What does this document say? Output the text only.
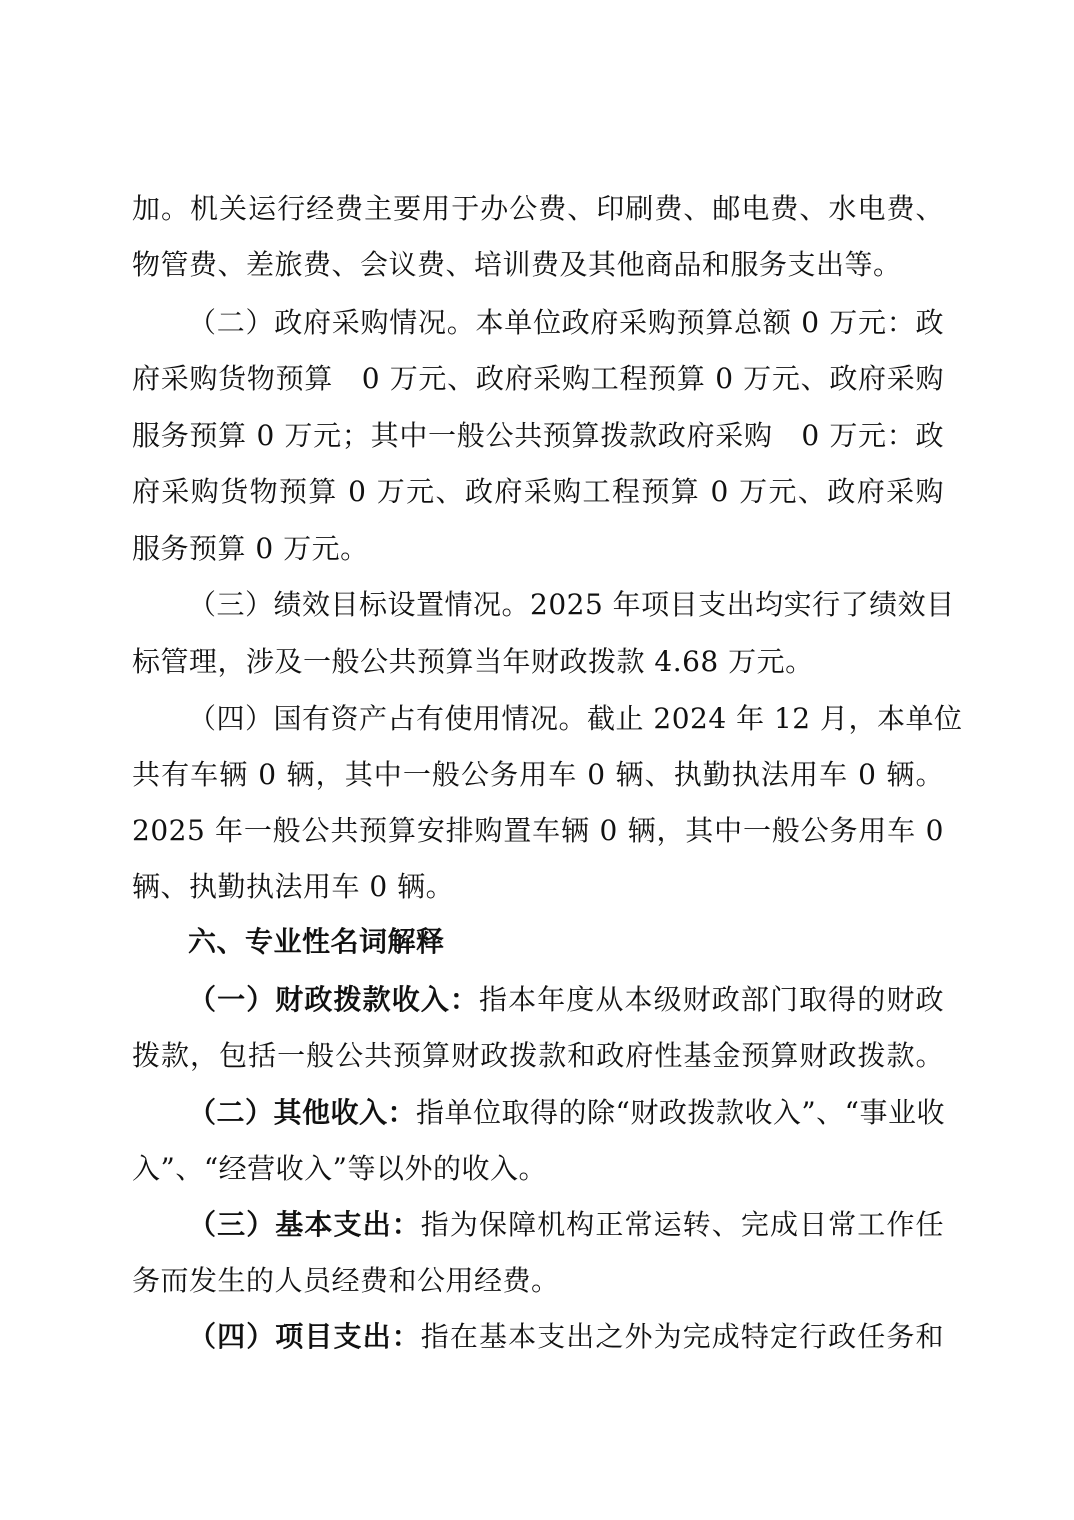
加。机关运行经费主要用于办公费、印刷费、邮电费、水电费、
物管费、差旅费、会议费、培训费及其他商品和服务支出等。
（二）政府采购情况。本单位政府采购预算总额 0 万元：政
府采购货物预算　0 万元、政府采购工程预算 0 万元、政府采购
服务预算 0 万元；其中一般公共预算拨款政府采购　0 万元：政
府采购货物预算 0 万元、政府采购工程预算 0 万元、政府采购
服务预算 0 万元。
（三）绩效目标设置情况。2025 年项目支出均实行了绩效目
标管理，涉及一般公共预算当年财政拨款 4.68 万元。
（四）国有资产占有使用情况。截止 2024 年 12 月，本单位
共有车辆 0 辆，其中一般公务用车 0 辆、执勤执法用车 0 辆。
2025 年一般公共预算安排购置车辆 0 辆，其中一般公务用车 0
辆、执勤执法用车 0 辆。
六、专业性名词解释
（一）财政拨款收入：指本年度从本级财政部门取得的财政
拨款，包括一般公共预算财政拨款和政府性基金预算财政拨款。
（二）其他收入：指单位取得的除“财政拨款收入”、“事业收
入”、“经营收入”等以外的收入。
（三）基本支出：指为保障机构正常运转、完成日常工作任
务而发生的人员经费和公用经费。
（四）项目支出：指在基本支出之外为完成特定行政任务和
